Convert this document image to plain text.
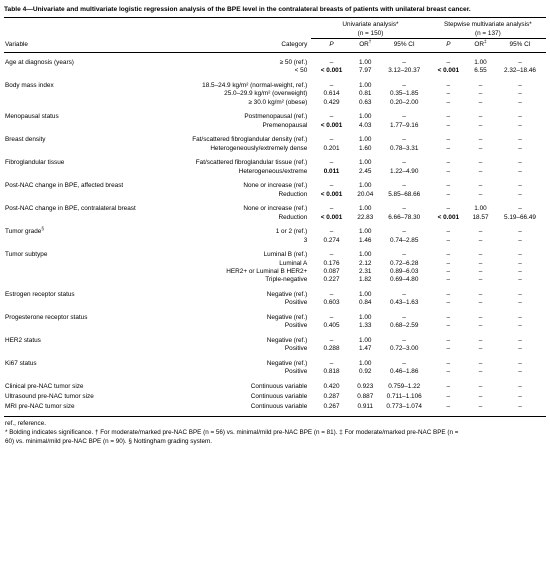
Table 4—Univariate and multivariate logistic regression analysis of the BPE level in the contralateral breasts of patients with unilateral breast cancer.
		Univariate analysis*
(n = 150)			Stepwise multivariate analysis*
(n = 137)		
Variable	Category	P	OR†	95% CI	P	OR‡	95% CI
Age at diagnosis (years)	≥ 50 (ref.)	–	1.00	–	–	1.00	–
	< 50	< 0.001	7.97	3.12–20.37	< 0.001	6.55	2.32–18.46
Body mass index	18.5–24.9 kg/m² (normal-weight, ref.)	–	1.00	–	–	–	–
	25.0–29.9 kg/m² (overweight)	0.614	0.81	0.35–1.85	–	–	–
	≥ 30.0 kg/m² (obese)	0.429	0.63	0.20–2.00	–	–	–
Menopausal status	Postmenopausal (ref.)	–	1.00	–	–	–	–
	Premenopausal	< 0.001	4.03	1.77–9.16	–	–	–
Breast density	Fat/scattered fibroglandular density (ref.)	–	1.00	–	–	–	–
	Heterogeneously/extremely dense	0.201	1.60	0.78–3.31	–	–	–
Fibroglandular tissue	Fat/scattered fibroglandular tissue (ref.)	–	1.00	–	–	–	–
	Heterogeneous/extreme	0.011	2.45	1.22–4.90	–	–	–
Post-NAC change in BPE, affected breast	None or increase (ref.)	–	1.00	–	–	–	–
	Reduction	< 0.001	20.04	5.85–68.66	–	–	–
Post-NAC change in BPE, contralateral breast	None or increase (ref.)	–	1.00	–	–	1.00	–
	Reduction	< 0.001	22.83	6.66–78.30	< 0.001	18.57	5.19–66.49
Tumor grade§	1 or 2 (ref.)	–	1.00	–	–	–	–
	3	0.274	1.46	0.74–2.85	–	–	–
Tumor subtype	Luminal B (ref.)	–	1.00	–	–	–	–
	Luminal A	0.176	2.12	0.72–6.28	–	–	–
	HER2+ or Luminal B HER2+	0.087	2.31	0.89–6.03	–	–	–
	Triple-negative	0.227	1.82	0.69–4.80	–	–	–
Estrogen receptor status	Negative (ref.)	–	1.00	–	–	–	–
	Positive	0.603	0.84	0.43–1.63	–	–	–
Progesterone receptor status	Negative (ref.)	–	1.00	–	–	–	–
	Positive	0.405	1.33	0.68–2.59	–	–	–
HER2 status	Negative (ref.)	–	1.00	–	–	–	–
	Positive	0.288	1.47	0.72–3.00	–	–	–
Ki67 status	Negative (ref.)	–	1.00	–	–	–	–
	Positive	0.818	0.92	0.46–1.86	–	–	–
Clinical pre-NAC tumor size	Continuous variable	0.420	0.923	0.759–1.22	–	–	–
Ultrasound pre-NAC tumor size	Continuous variable	0.287	0.887	0.711–1.106	–	–	–
MRI pre-NAC tumor size	Continuous variable	0.267	0.911	0.773–1.074	–	–	–
ref., reference.
* Bolding indicates significance. † For moderate/marked pre-NAC BPE (n = 56) vs. minimal/mild pre-NAC BPE (n = 81). ‡ For moderate/marked pre-NAC BPE (n =
60) vs. minimal/mild pre-NAC BPE (n = 90). § Nottingham grading system.
